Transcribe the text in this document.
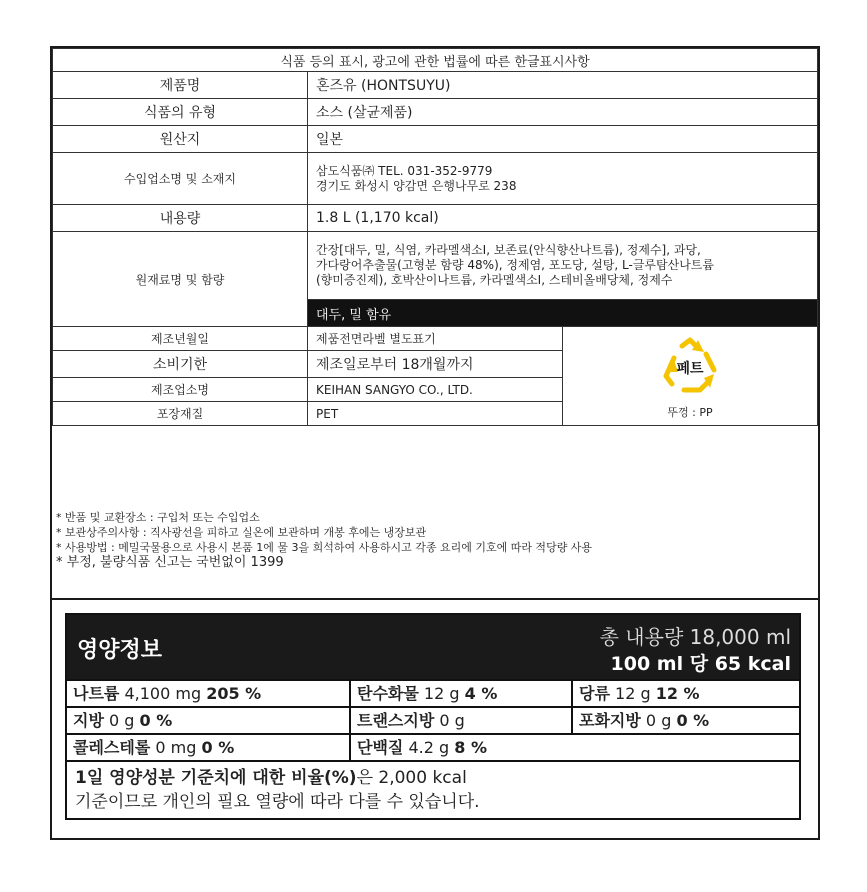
식품 등의 표시, 광고에 관한 법률에 따른 한글표시사항		
제품명	혼즈유 (HONTSUYU)	
식품의 유형	소스 (살균제품)	
원산지	일본	
수입업소명 및 소재지	삼도식품㈜ TEL. 031-352-9779
경기도 화성시 양감면 은행나무로 238	

내용량	1.8 L (1,170 kcal)	
원재료명 및 함량	간장[대두, 밀, 식염, 카라멜색소Ⅰ, 보존료(안식향산나트륨), 정제수], 과당,
가다랑어추출물(고형분 함량 48%), 정제염, 포도당, 설탕, L-글루탐산나트륨
(향미증진제), 호박산이나트륨, 카라멜색소Ⅰ, 스테비올배당체, 정제수	

	대두, 밀 함유	
제조년월일	제품전면라벨 별도표기	페트
뚜껑 : PP

소비기한	제조일로부터 18개월까지	
제조업소명	KEIHAN SANGYO CO., LTD.	
포장재질	PET	
* 반품 및 교환장소 : 구입처 또는 수입업소
* 보관상주의사항 : 직사광선을 피하고 실온에 보관하며 개봉 후에는 냉장보관
* 사용방법 : 메밀국물용으로 사용시 본품 1에 물 3을 희석하여 사용하시고 각종 요리에 기호에 따라 적당량 사용
* 부정, 불량식품 신고는 국번없이 1399
영양정보
총 내용량 18,000 ml
100 ml 당 65 kcal
나트륨 4,100 mg 205 %	탄수화물 12 g 4 %	당류 12 g 12 %
지방 0 g 0 %	트랜스지방 0 g	포화지방 0 g 0 %
콜레스테롤 0 mg 0 %	단백질 4.2 g 8 %
1일 영양성분 기준치에 대한 비율(%)은 2,000 kcal
기준이므로 개인의 필요 열량에 따라 다를 수 있습니다.
